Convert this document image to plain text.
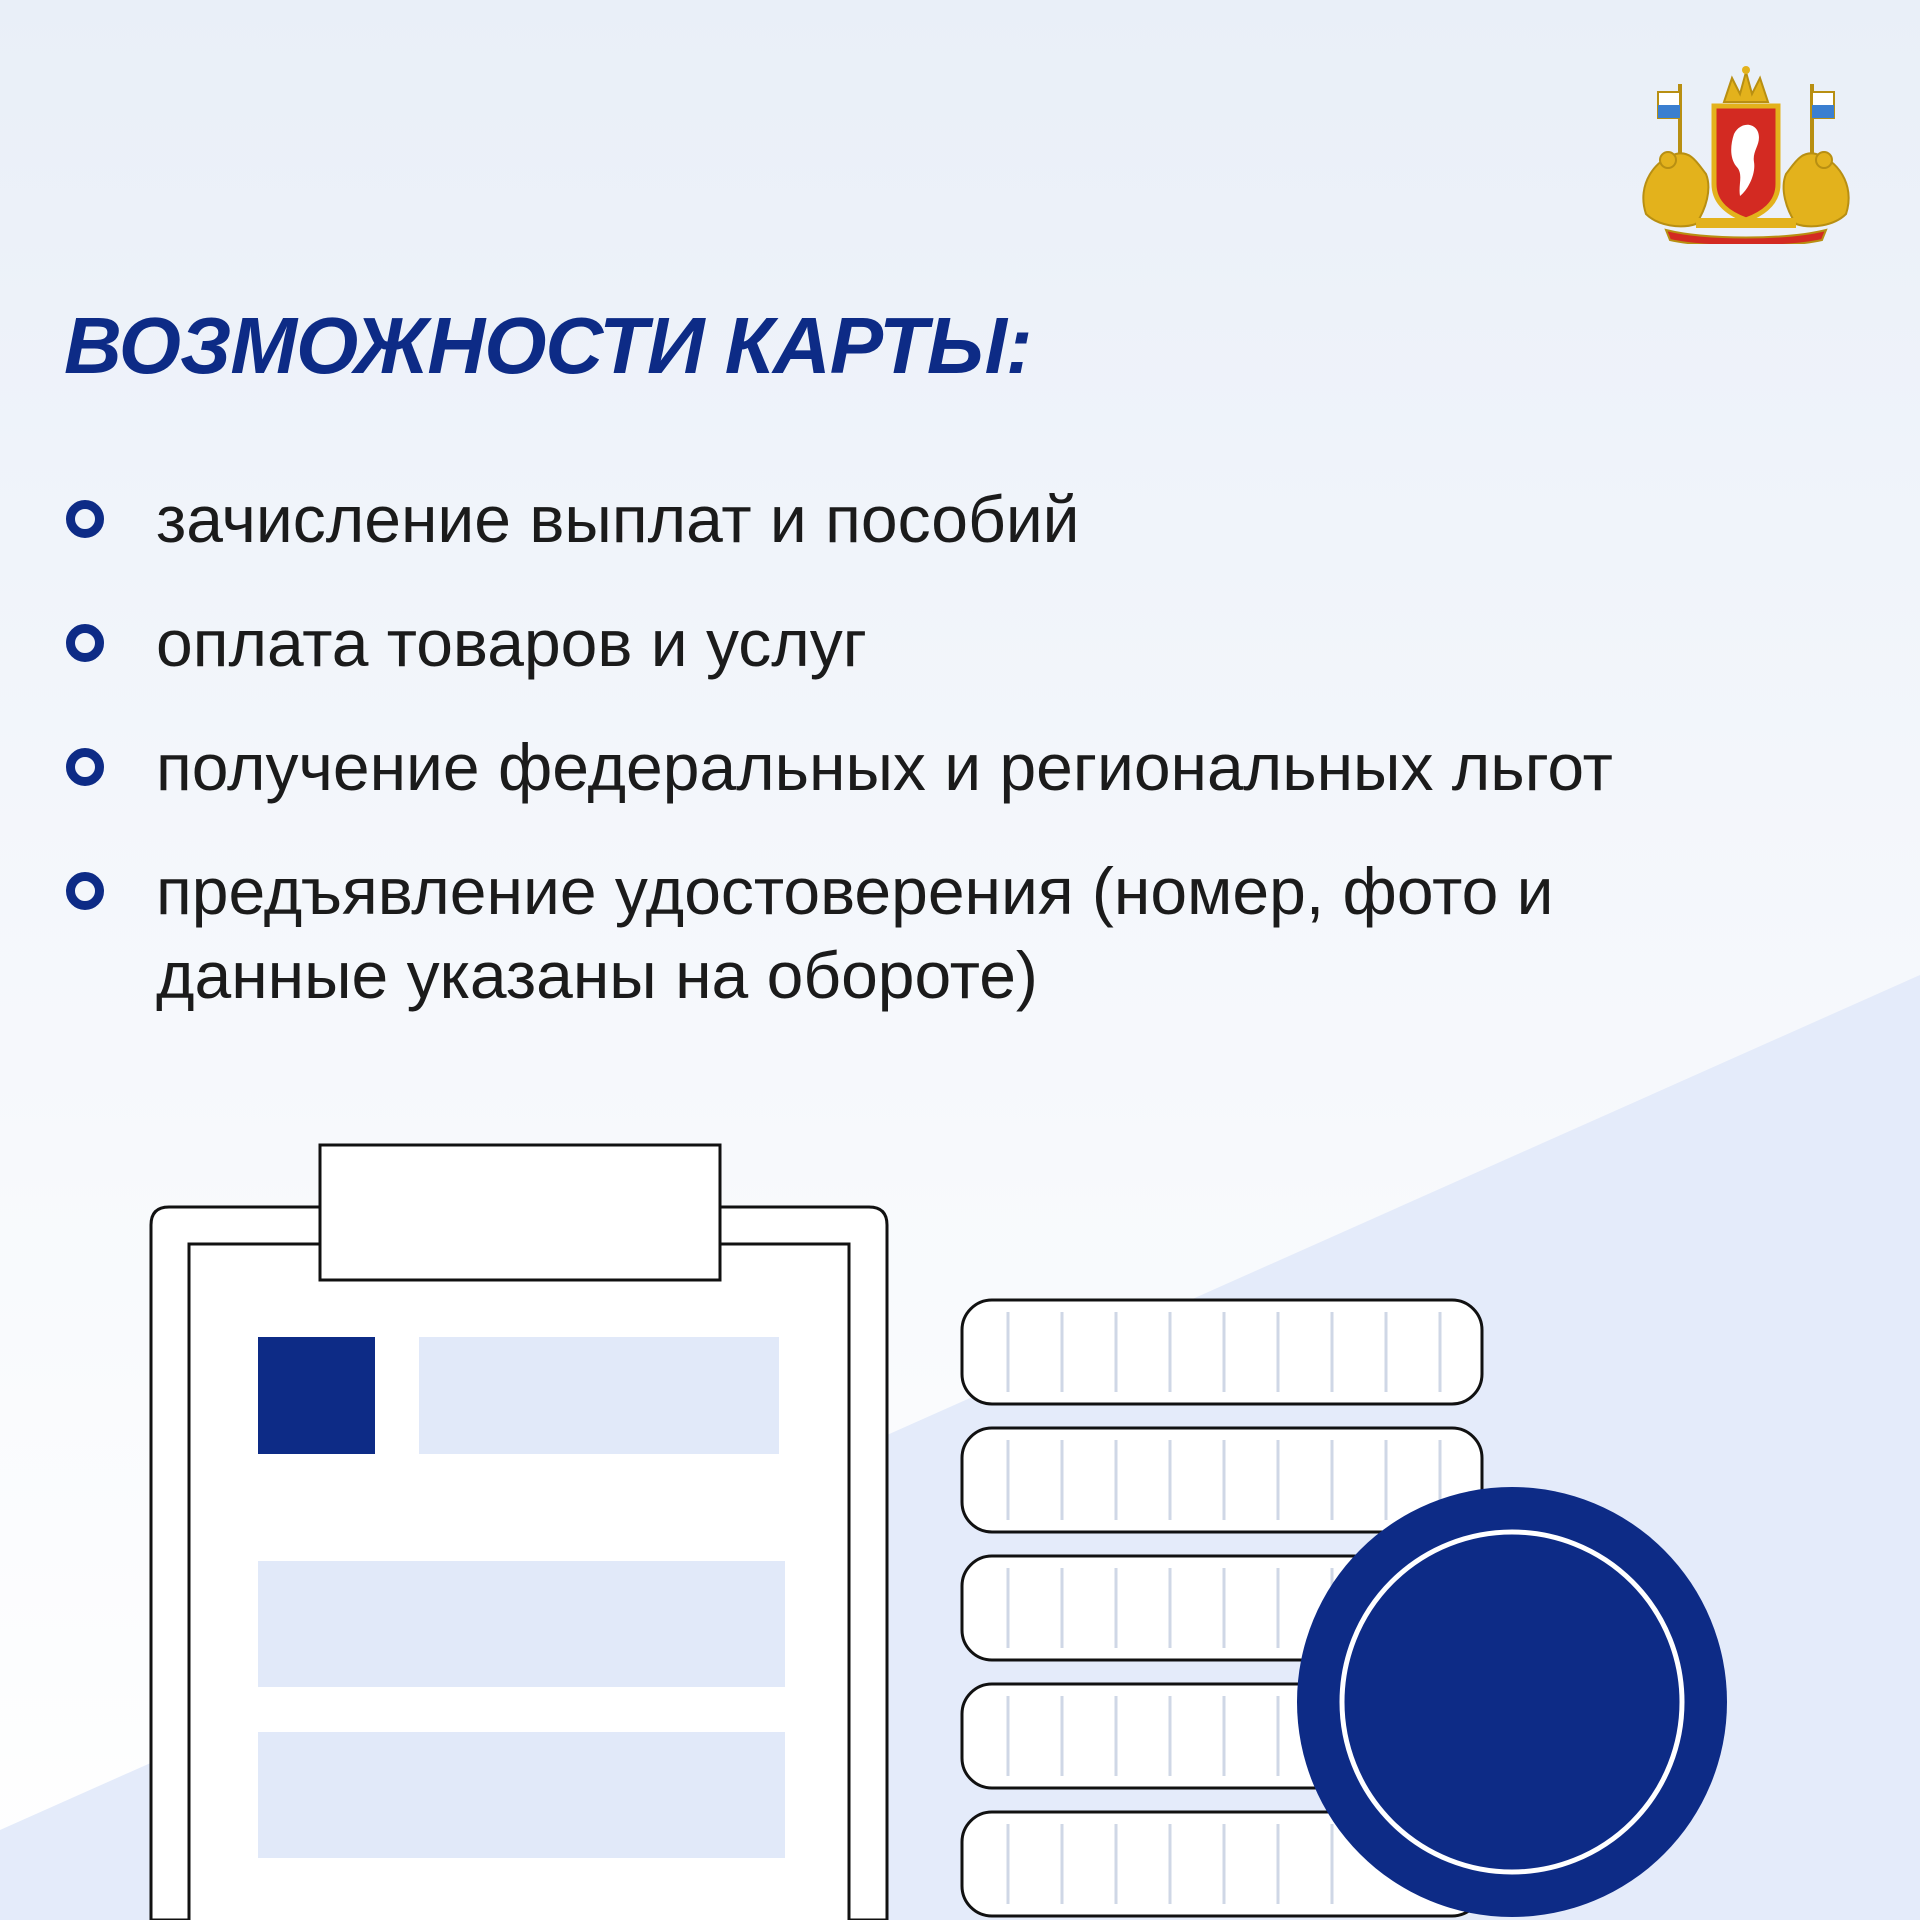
ВОЗМОЖНОСТИ КАРТЫ:
зачисление выплат и пособий
оплата товаров и услуг
получение федеральных и региональных льгот
предъявление удостоверения (номер, фото и данные указаны на обороте)
